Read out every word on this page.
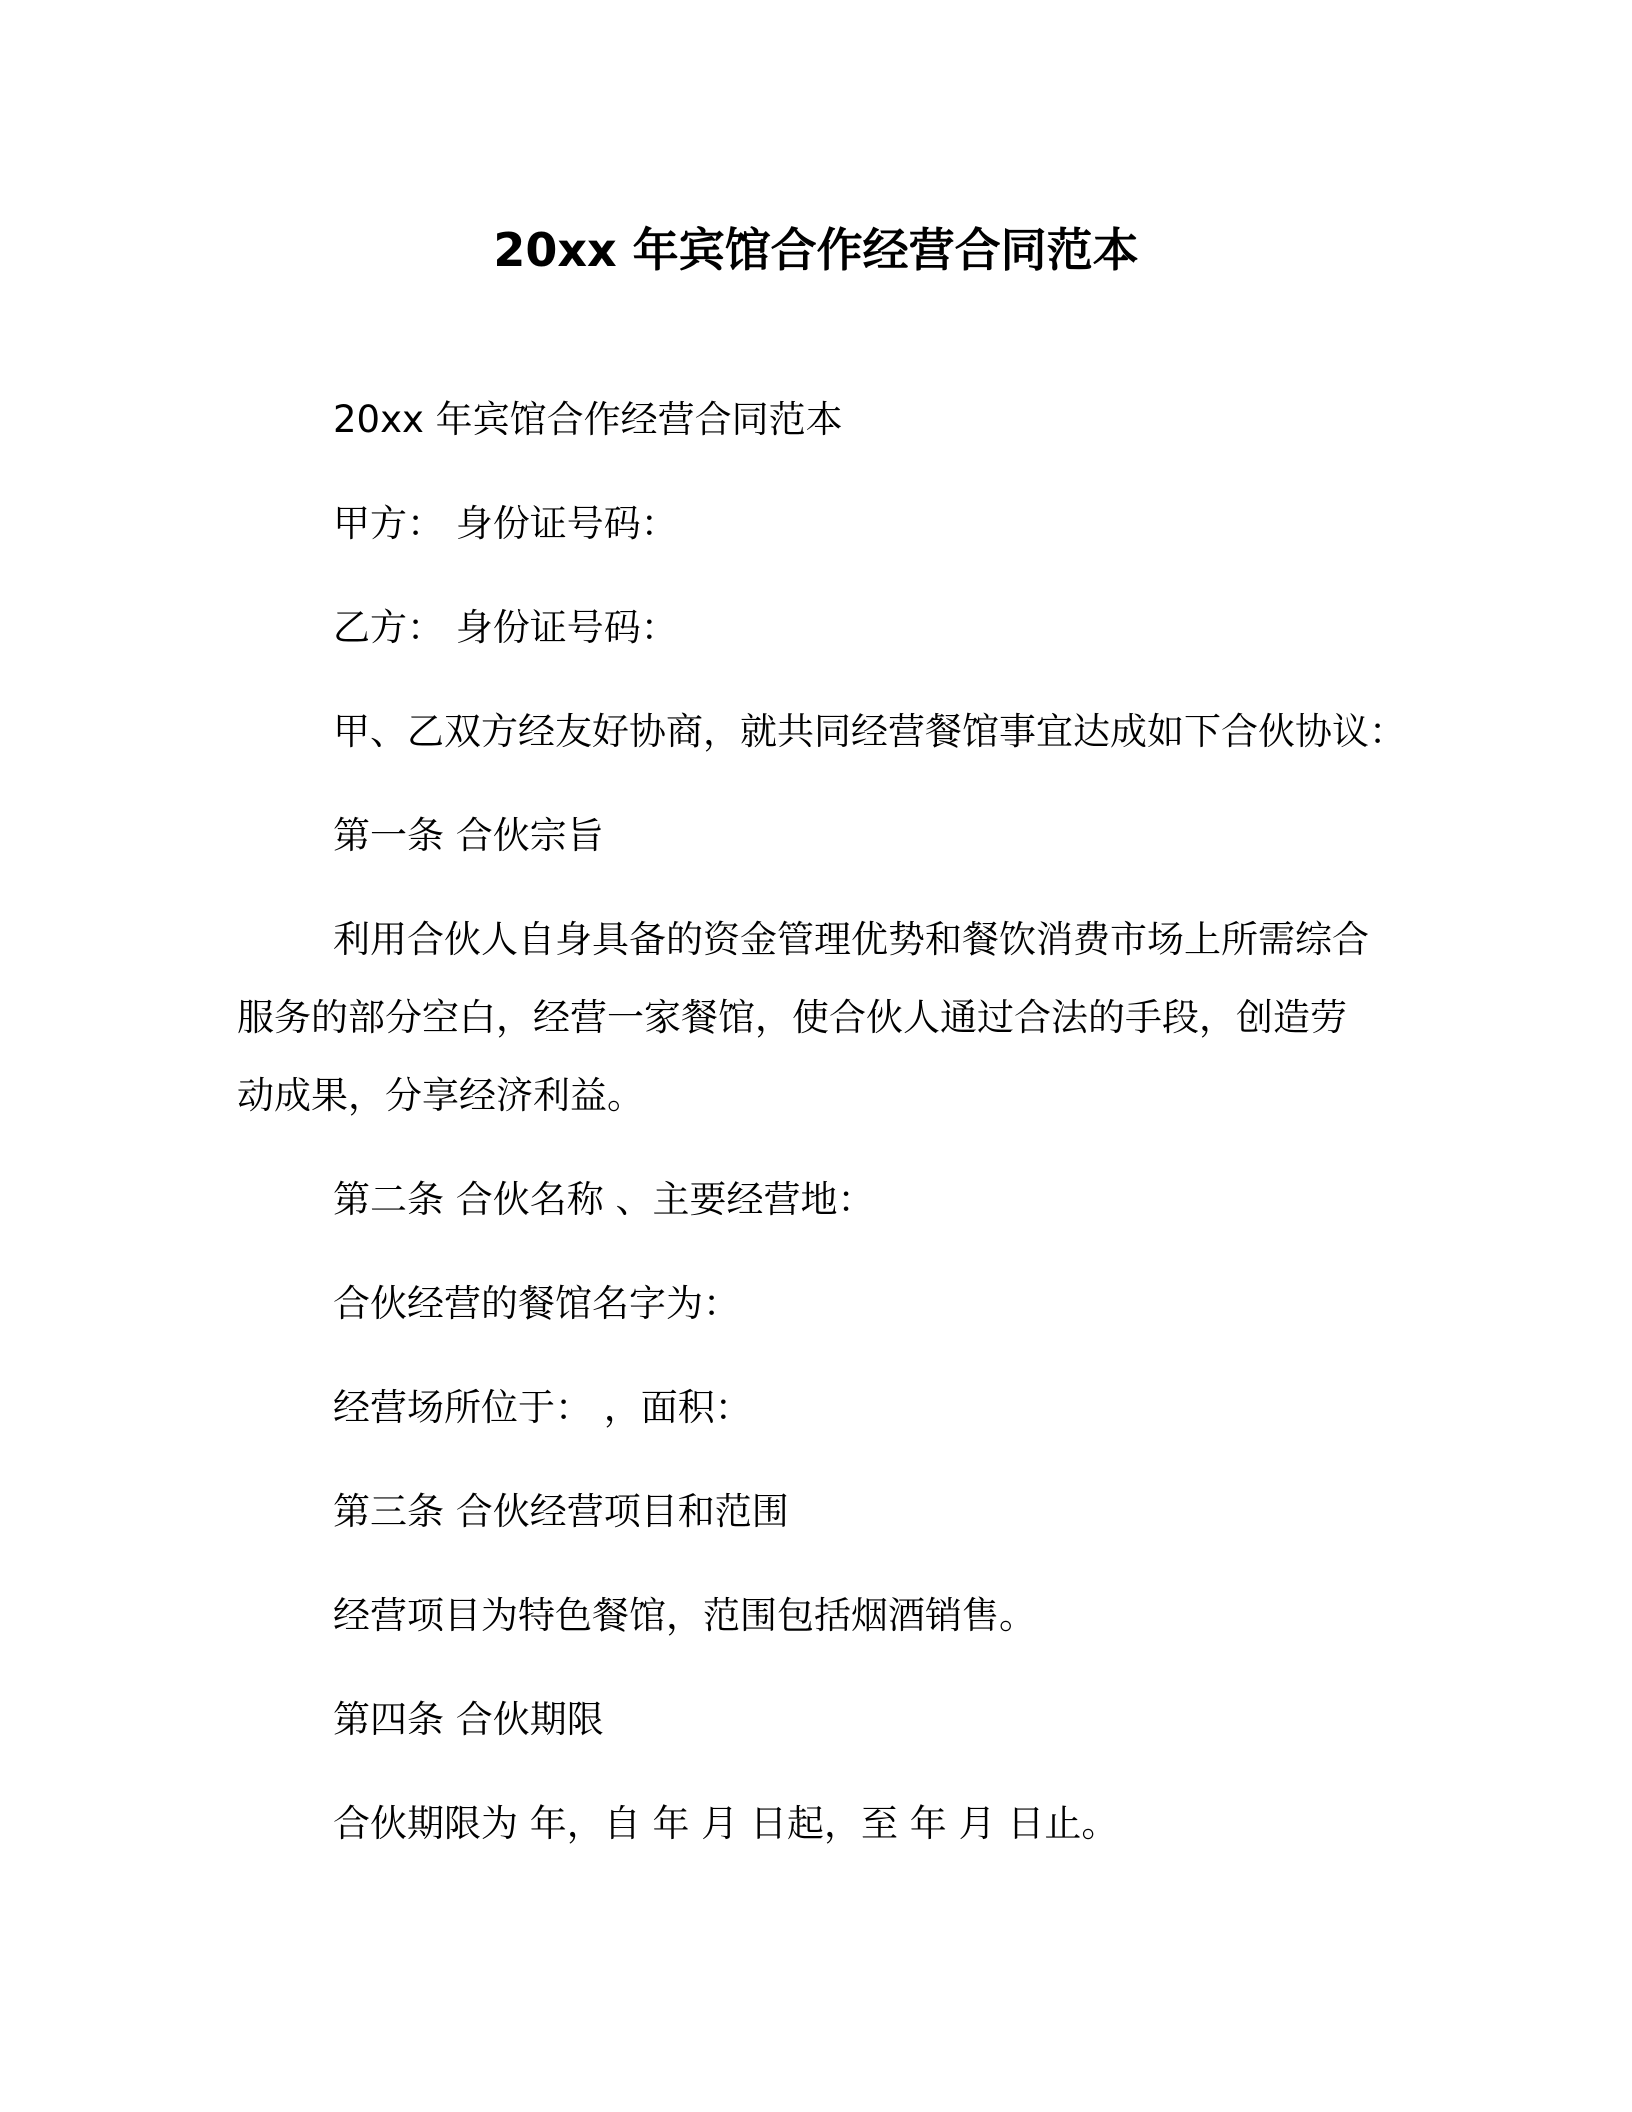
20xx 年宾馆合作经营合同范本
20xx 年宾馆合作经营合同范本
甲方： 身份证号码：
乙方： 身份证号码：
甲、乙双方经友好协商，就共同经营餐馆事宜达成如下合伙协议：
第一条 合伙宗旨
利用合伙人自身具备的资金管理优势和餐饮消费市场上所需综合
服务的部分空白，经营一家餐馆，使合伙人通过合法的手段，创造劳
动成果，分享经济利益。
第二条 合伙名称 、主要经营地：
合伙经营的餐馆名字为：
经营场所位于： ，面积：
第三条 合伙经营项目和范围
经营项目为特色餐馆，范围包括烟酒销售。
第四条 合伙期限
合伙期限为 年，自 年 月 日起，至 年 月 日止。
